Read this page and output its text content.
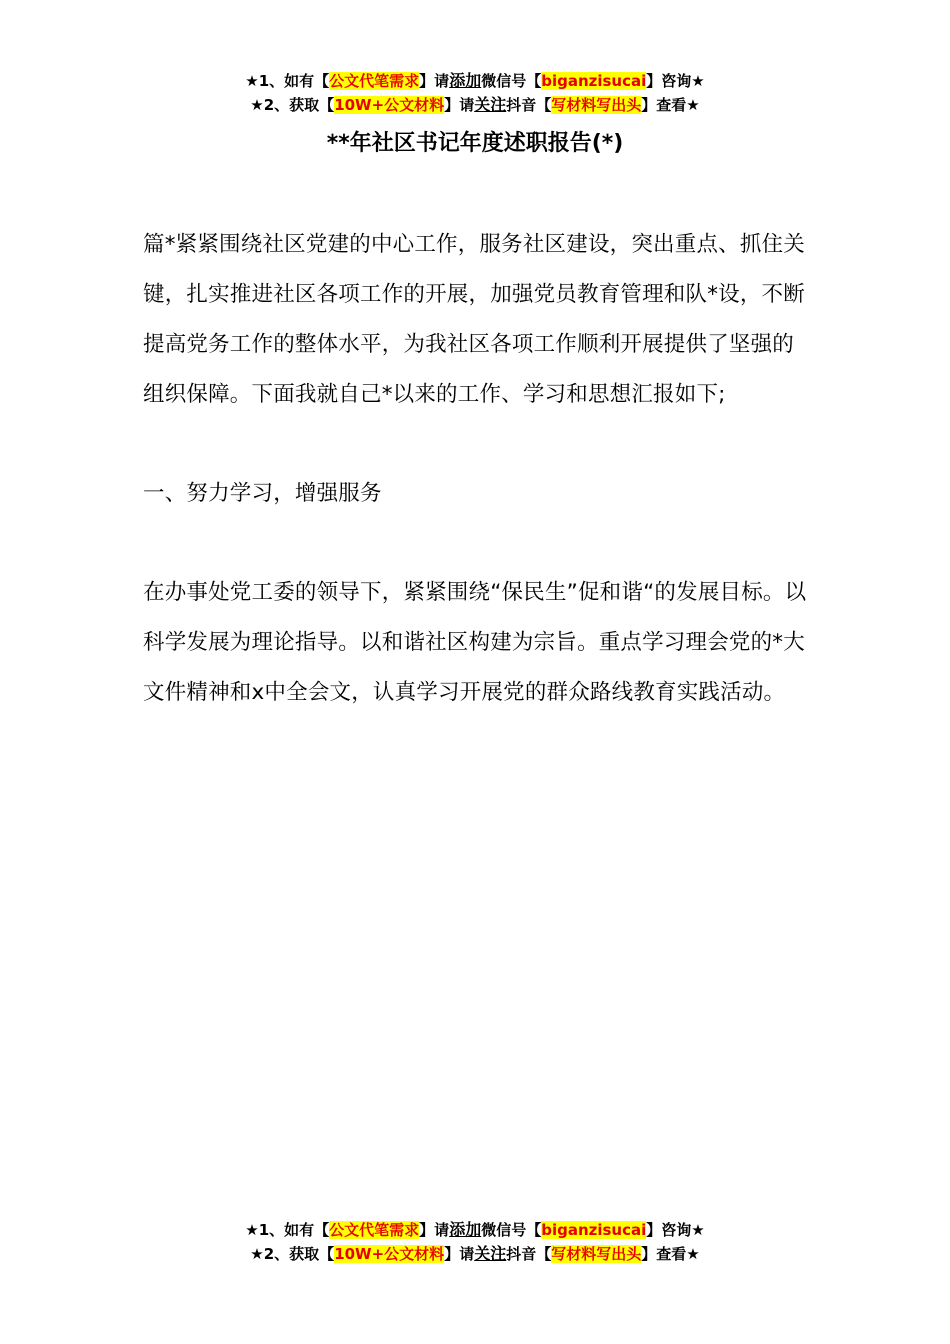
★1、如有【公文代笔需求】请添加微信号【biganzisucai】咨询★
★2、获取【10W+公文材料】请关注抖音【写材料写出头】查看★
**年社区书记年度述职报告(*)

篇*紧紧围绕社区党建的中心工作，服务社区建设，突出重点、抓住关键，扎实推进社区各项工作的开展，加强党员教育管理和队*设，不断提高党务工作的整体水平，为我社区各项工作顺利开展提供了坚强的组织保障。下面我就自己*以来的工作、学习和思想汇报如下;

一、努力学习，增强服务

在办事处党工委的领导下，紧紧围绕“保民生”促和谐“的发展目标。以科学发展为理论指导。以和谐社区构建为宗旨。重点学习理会党的*大文件精神和x中全会文，认真学习开展党的群众路线教育实践活动。

★1、如有【公文代笔需求】请添加微信号【biganzisucai】咨询★
★2、获取【10W+公文材料】请关注抖音【写材料写出头】查看★
